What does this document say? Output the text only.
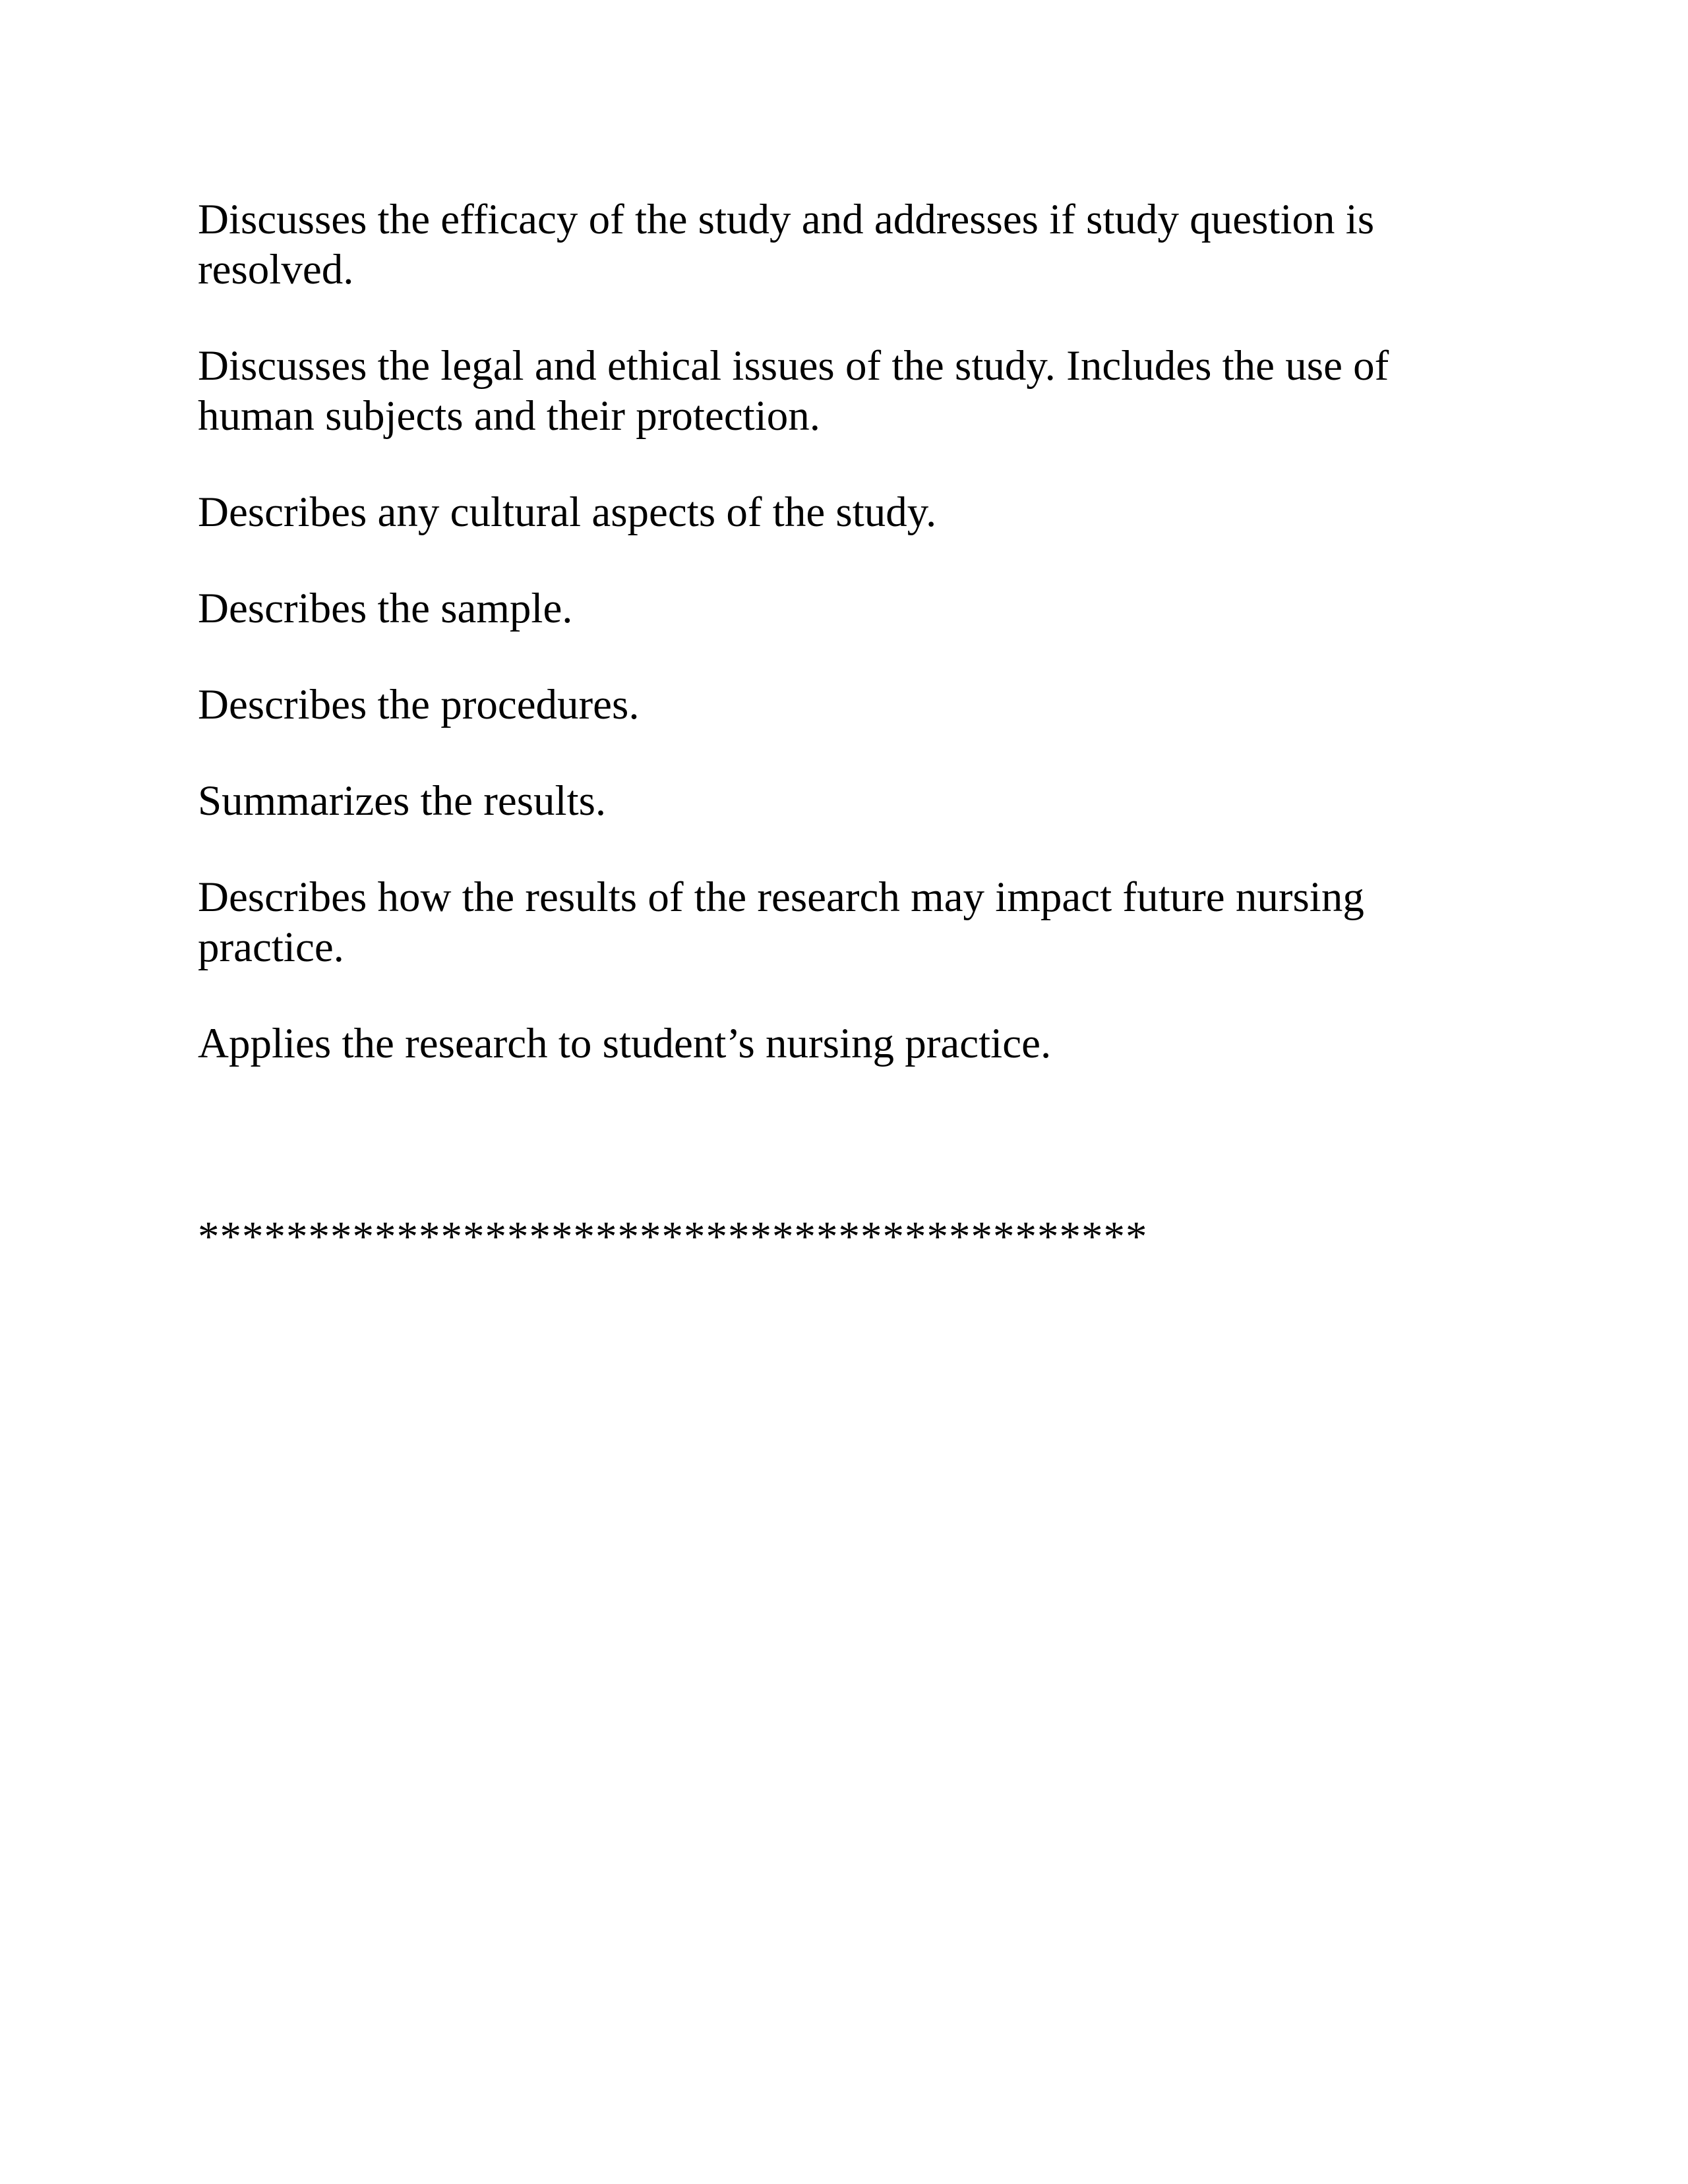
Discusses the efficacy of the study and addresses if study question is resolved.

Discusses the legal and ethical issues of the study. Includes the use of human subjects and their protection.

Describes any cultural aspects of the study.

Describes the sample.

Describes the procedures.

Summarizes the results.

Describes how the results of the research may impact future nursing practice.

Applies the research to student’s nursing practice.

*******************************************
